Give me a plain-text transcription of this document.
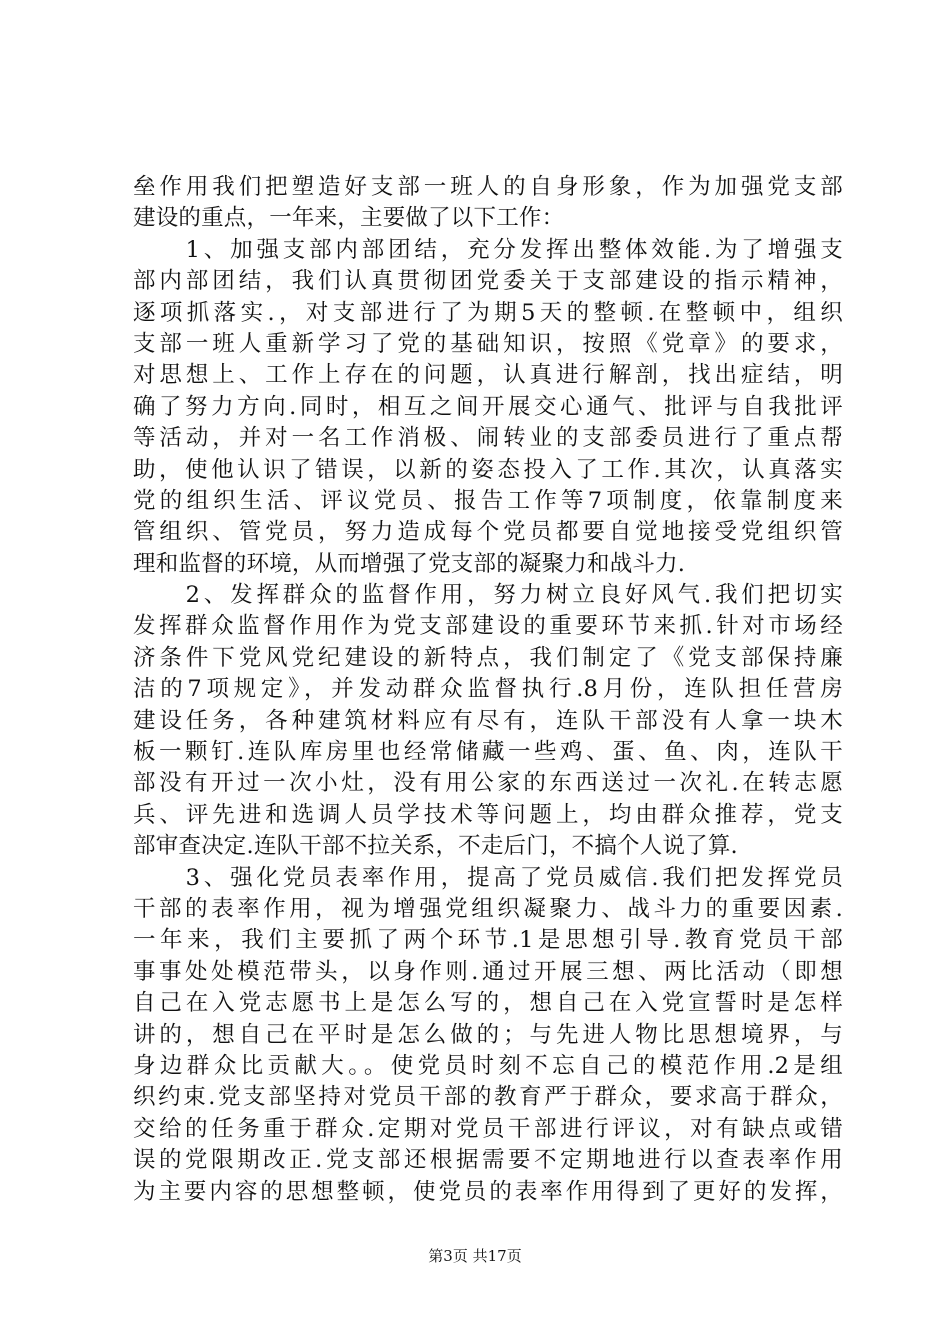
垒作用我们把塑造好支部一班人的自身形象，作为加强党支部
建设的重点，一年来，主要做了以下工作：
　　1、加强支部内部团结，充分发挥出整体效能.为了增强支
部内部团结，我们认真贯彻团党委关于支部建设的指示精神，
逐项抓落实.，对支部进行了为期5天的整顿.在整顿中，组织
支部一班人重新学习了党的基础知识，按照《党章》的要求，
对思想上、工作上存在的问题，认真进行解剖，找出症结，明
确了努力方向.同时，相互之间开展交心通气、批评与自我批评
等活动，并对一名工作消极、闹转业的支部委员进行了重点帮
助，使他认识了错误，以新的姿态投入了工作.其次，认真落实
党的组织生活、评议党员、报告工作等7项制度，依靠制度来
管组织、管党员，努力造成每个党员都要自觉地接受党组织管
理和监督的环境，从而增强了党支部的凝聚力和战斗力.
　　2、发挥群众的监督作用，努力树立良好风气.我们把切实
发挥群众监督作用作为党支部建设的重要环节来抓.针对市场经
济条件下党风党纪建设的新特点，我们制定了《党支部保持廉
洁的7项规定》，并发动群众监督执行.8月份，连队担任营房
建设任务，各种建筑材料应有尽有，连队干部没有人拿一块木
板一颗钉.连队库房里也经常储藏一些鸡、蛋、鱼、肉，连队干
部没有开过一次小灶，没有用公家的东西送过一次礼.在转志愿
兵、评先进和选调人员学技术等问题上，均由群众推荐，党支
部审查决定.连队干部不拉关系，不走后门，不搞个人说了算.
　　3、强化党员表率作用，提高了党员威信.我们把发挥党员
干部的表率作用，视为增强党组织凝聚力、战斗力的重要因素.
一年来，我们主要抓了两个环节.1是思想引导.教育党员干部
事事处处模范带头，以身作则.通过开展三想、两比活动（即想
自己在入党志愿书上是怎么写的，想自己在入党宣誓时是怎样
讲的，想自己在平时是怎么做的；与先进人物比思想境界，与
身边群众比贡献大。。使党员时刻不忘自己的模范作用.2是组
织约束.党支部坚持对党员干部的教育严于群众，要求高于群众，
交给的任务重于群众.定期对党员干部进行评议，对有缺点或错
误的党限期改正.党支部还根据需要不定期地进行以查表率作用
为主要内容的思想整顿，使党员的表率作用得到了更好的发挥，
第3页 共17页
